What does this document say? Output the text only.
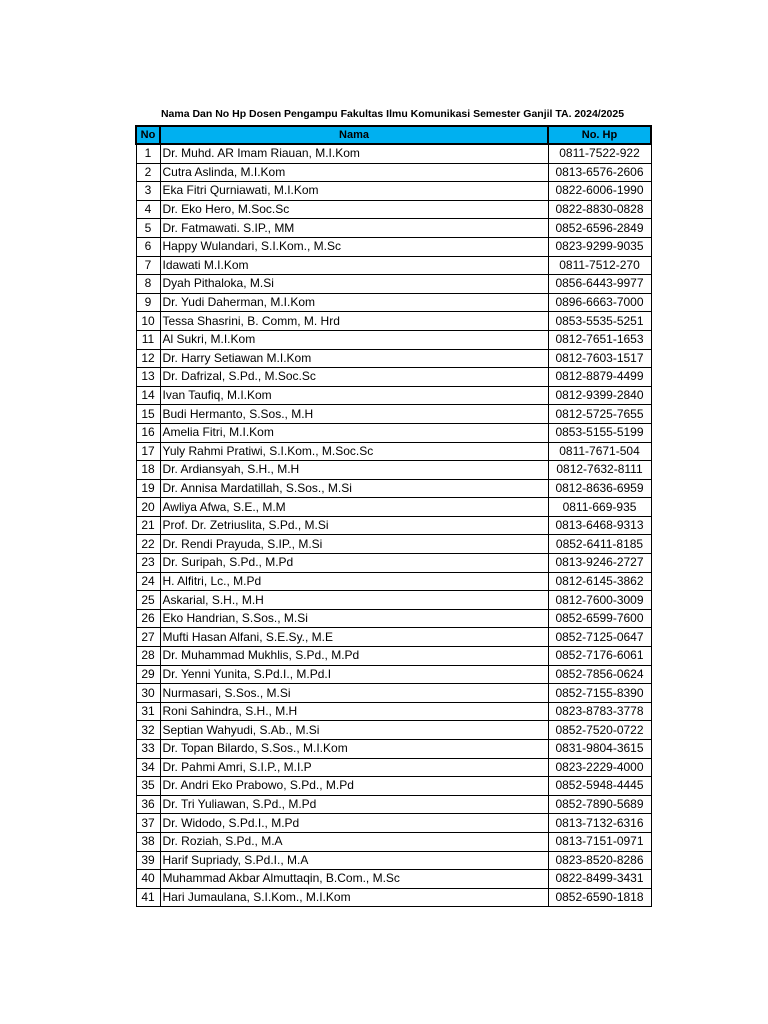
Nama Dan No Hp Dosen Pengampu Fakultas Ilmu Komunikasi Semester Ganjil TA. 2024/2025
No	Nama	No. Hp
1	Dr. Muhd. AR Imam Riauan, M.I.Kom	0811-7522-922
2	Cutra Aslinda, M.I.Kom	0813-6576-2606
3	Eka Fitri Qurniawati, M.I.Kom	0822-6006-1990
4	Dr. Eko Hero, M.Soc.Sc	0822-8830-0828
5	Dr. Fatmawati. S.IP., MM	0852-6596-2849
6	Happy Wulandari, S.I.Kom., M.Sc	0823-9299-9035
7	Idawati M.I.Kom	0811-7512-270
8	Dyah Pithaloka, M.Si	0856-6443-9977
9	Dr. Yudi Daherman, M.I.Kom	0896-6663-7000
10	Tessa Shasrini, B. Comm, M. Hrd	0853-5535-5251
11	Al Sukri, M.I.Kom	0812-7651-1653
12	Dr. Harry Setiawan M.I.Kom	0812-7603-1517
13	Dr. Dafrizal, S.Pd., M.Soc.Sc	0812-8879-4499
14	Ivan Taufiq, M.I.Kom	0812-9399-2840
15	Budi Hermanto, S.Sos., M.H	0812-5725-7655
16	Amelia Fitri, M.I.Kom	0853-5155-5199
17	Yuly Rahmi Pratiwi, S.I.Kom., M.Soc.Sc	0811-7671-504
18	Dr. Ardiansyah, S.H., M.H	0812-7632-8111
19	Dr. Annisa Mardatillah, S.Sos., M.Si	0812-8636-6959
20	Awliya Afwa, S.E., M.M	0811-669-935
21	Prof. Dr. Zetriuslita, S.Pd., M.Si	0813-6468-9313
22	Dr. Rendi Prayuda, S.IP., M.Si	0852-6411-8185
23	Dr. Suripah, S.Pd., M.Pd	0813-9246-2727
24	H. Alfitri, Lc., M.Pd	0812-6145-3862
25	Askarial, S.H., M.H	0812-7600-3009
26	Eko Handrian, S.Sos., M.Si	0852-6599-7600
27	Mufti Hasan Alfani, S.E.Sy., M.E	0852-7125-0647
28	Dr. Muhammad Mukhlis, S.Pd., M.Pd	0852-7176-6061
29	Dr. Yenni Yunita, S.Pd.I., M.Pd.I	0852-7856-0624
30	Nurmasari, S.Sos., M.Si	0852-7155-8390
31	Roni Sahindra, S.H., M.H	0823-8783-3778
32	Septian Wahyudi, S.Ab., M.Si	0852-7520-0722
33	Dr. Topan Bilardo, S.Sos., M.I.Kom	0831-9804-3615
34	Dr. Pahmi Amri, S.I.P., M.I.P	0823-2229-4000
35	Dr. Andri Eko Prabowo, S.Pd., M.Pd	0852-5948-4445
36	Dr. Tri Yuliawan, S.Pd., M.Pd	0852-7890-5689
37	Dr. Widodo, S.Pd.I., M.Pd	0813-7132-6316
38	Dr. Roziah, S.Pd., M.A	0813-7151-0971
39	Harif Supriady, S.Pd.I., M.A	0823-8520-8286
40	Muhammad Akbar Almuttaqin, B.Com., M.Sc	0822-8499-3431
41	Hari Jumaulana, S.I.Kom., M.I.Kom	0852-6590-1818
